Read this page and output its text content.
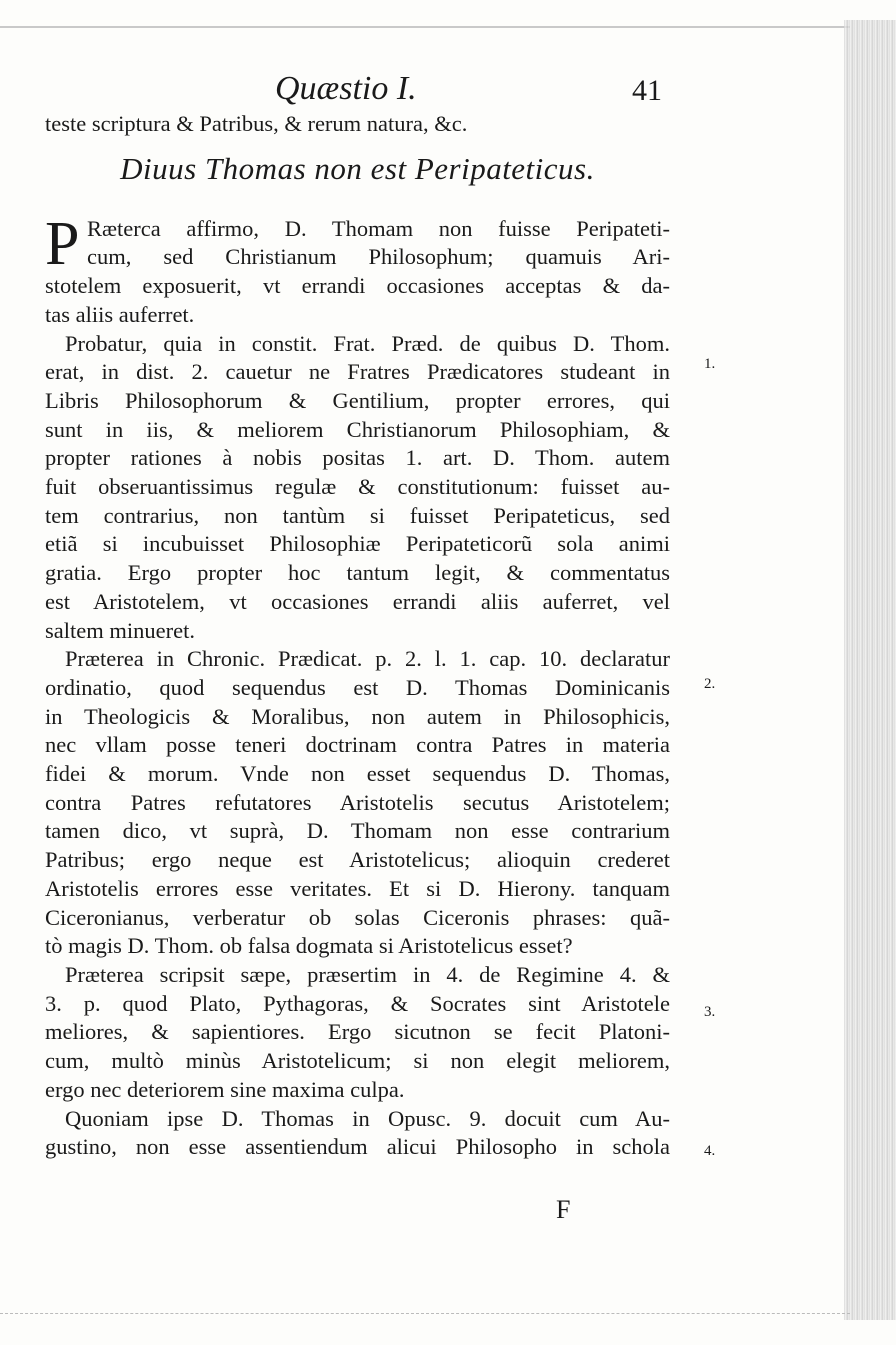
Quæstio I.	41
teste scriptura & Patribus, & rerum natura, &c.
Diuus Thomas non est Peripateticus.
P Ræterca affirmo, D. Thomam non fuisse Peripateti-
cum, sed Christianum Philosophum; quamuis Ari-
stotelem exposuerit, vt errandi occasiones acceptas & da-
tas aliis auferret.
Probatur, quia in constit. Frat. Præd. de quibus D. Thom.
erat, in dist. 2. cauetur ne Fratres Prædicatores studeant in
Libris Philosophorum & Gentilium, propter errores, qui
sunt in iis, & meliorem Christianorum Philosophiam, &
propter rationes à nobis positas 1. art. D. Thom. autem
fuit obseruantissimus regulæ & constitutionum: fuisset au-
tem contrarius, non tantùm si fuisset Peripateticus, sed
etiã si incubuisset Philosophiæ Peripateticorũ sola animi
gratia. Ergo propter hoc tantum legit, & commentatus
est Aristotelem, vt occasiones errandi aliis auferret, vel
saltem minueret.
Præterea in Chronic. Prædicat. p. 2. l. 1. cap. 10. declaratur
ordinatio, quod sequendus est D. Thomas Dominicanis
in Theologicis & Moralibus, non autem in Philosophicis,
nec vllam posse teneri doctrinam contra Patres in materia
fidei & morum. Vnde non esset sequendus D. Thomas,
contra Patres refutatores Aristotelis secutus Aristotelem;
tamen dico, vt suprà, D. Thomam non esse contrarium
Patribus; ergo neque est Aristotelicus; alioquin crederet
Aristotelis errores esse veritates. Et si D. Hierony. tanquam
Ciceronianus, verberatur ob solas Ciceronis phrases: quã-
tò magis D. Thom. ob falsa dogmata si Aristotelicus esset?
Præterea scripsit sæpe, præsertim in 4. de Regimine 4. &
3. p. quod Plato, Pythagoras, & Socrates sint Aristotele
meliores, & sapientiores. Ergo sicutnon se fecit Platoni-
cum, multò minùs Aristotelicum; si non elegit meliorem,
ergo nec deteriorem sine maxima culpa.
Quoniam ipse D. Thomas in Opusc. 9. docuit cum Au-
gustino, non esse assentiendum alicui Philosopho in schola
1.
2.
3.
4.
F
